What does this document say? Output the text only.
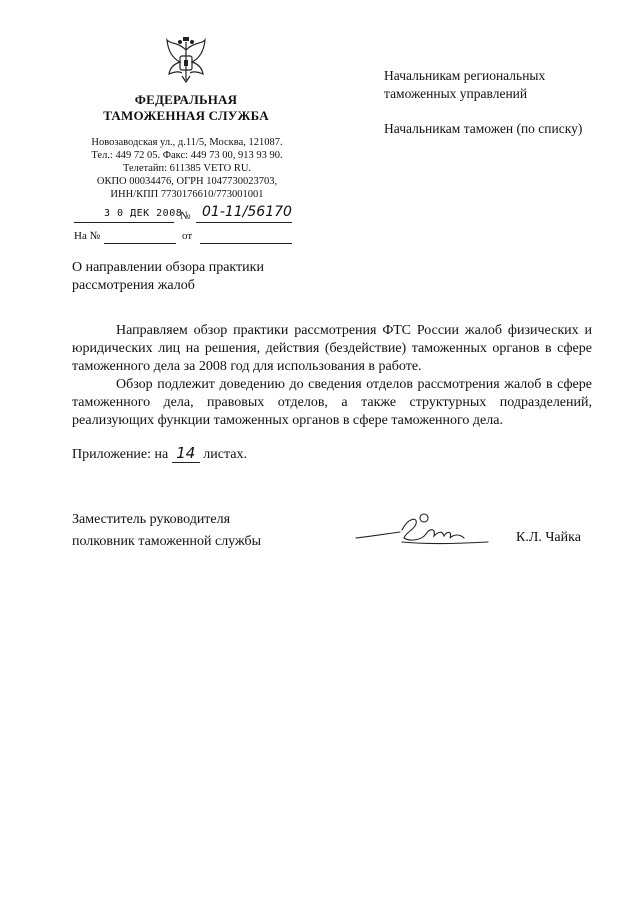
ФЕДЕРАЛЬНАЯ
ТАМОЖЕННАЯ СЛУЖБА
Новозаводская ул., д.11/5, Москва, 121087.
Тел.: 449 72 05. Факс: 449 73 00, 913 93 90.
Телетайп: 611385 VETO RU.
ОКПО 00034476, ОГРН 1047730023703,
ИНН/КПП 7730176610/773001001
3 0 ДЕК 2008
№ 01-11/56170
На №	от
Начальникам региональных
таможенных управлений
Начальникам таможен (по списку)
О направлении обзора практики
рассмотрения жалоб

Направляем обзор практики рассмотрения ФТС России жалоб физических и юридических лиц на решения, действия (бездействие) таможенных органов в сфере таможенного дела за 2008 год для использования в работе.

Обзор подлежит доведению до сведения отделов рассмотрения жалоб в сфере таможенного дела, правовых отделов, а также структурных подразделений, реализующих функции таможенных органов в сфере таможенного дела.

Приложение: на 14 листах.
Заместитель руководителя
полковник таможенной службы	К.Л. Чайка
